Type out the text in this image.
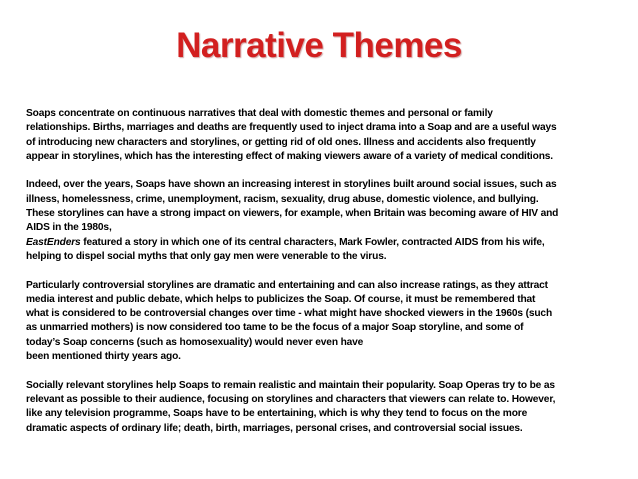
Narrative Themes

Soaps concentrate on continuous narratives that deal with domestic themes and personal or family
relationships. Births, marriages and deaths are frequently used to inject drama into a Soap and are a useful ways
of introducing new characters and storylines, or getting rid of old ones. Illness and accidents also frequently
appear in storylines, which has the interesting effect of making viewers aware of a variety of medical conditions.

Indeed, over the years, Soaps have shown an increasing interest in storylines built around social issues, such as
illness, homelessness, crime, unemployment, racism, sexuality, drug abuse, domestic violence, and bullying.
These storylines can have a strong impact on viewers, for example, when Britain was becoming aware of HIV and
AIDS in the 1980s,
EastEnders featured a story in which one of its central characters, Mark Fowler, contracted AIDS from his wife,
helping to dispel social myths that only gay men were venerable to the virus.

Particularly controversial storylines are dramatic and entertaining and can also increase ratings, as they attract
media interest and public debate, which helps to publicizes the Soap. Of course, it must be remembered that
what is considered to be controversial changes over time - what might have shocked viewers in the 1960s (such
as unmarried mothers) is now considered too tame to be the focus of a major Soap storyline, and some of
today’s Soap concerns (such as homosexuality) would never even have
been mentioned thirty years ago.

Socially relevant storylines help Soaps to remain realistic and maintain their popularity. Soap Operas try to be as
relevant as possible to their audience, focusing on storylines and characters that viewers can relate to. However,
like any television programme, Soaps have to be entertaining, which is why they tend to focus on the more
dramatic aspects of ordinary life; death, birth, marriages, personal crises, and controversial social issues.
